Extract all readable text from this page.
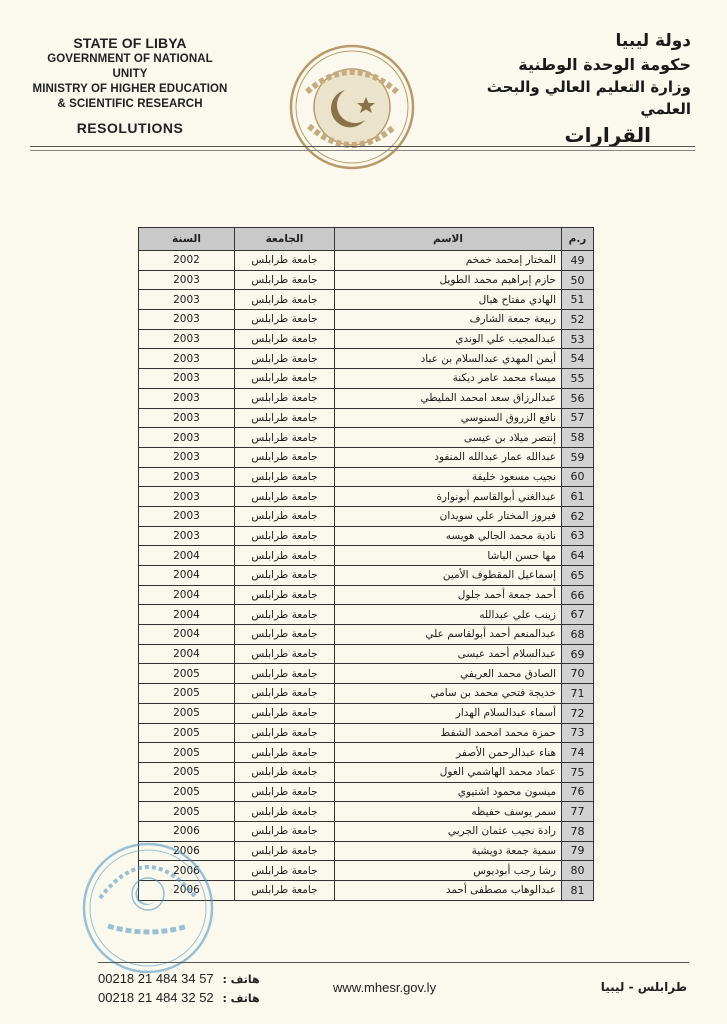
STATE OF LIBYA
GOVERNMENT OF NATIONAL UNITY
MINISTRY OF HIGHER EDUCATION
& SCIENTIFIC RESEARCH
RESOLUTIONS
دولة ليبيا
حكومة الوحدة الوطنية
وزارة التعليم العالي والبحث العلمي
القرارات
السنة	الجامعة	الاسم	ر.م
2002	جامعة طرابلس	المختار إمحمد خمخم	49
2003	جامعة طرابلس	حازم إبراهيم محمد الطويل	50
2003	جامعة طرابلس	الهادي مفتاح هبال	51
2003	جامعة طرابلس	ربيعة جمعة الشارف	52
2003	جامعة طرابلس	عبدالمجيب علي الوندي	53
2003	جامعة طرابلس	أيمن المهدي عبدالسلام بن عباد	54
2003	جامعة طرابلس	ميساء محمد عامر ديكنة	55
2003	جامعة طرابلس	عبدالرزاق سعد امحمد المليطي	56
2003	جامعة طرابلس	نافع الزروق السنوسي	57
2003	جامعة طرابلس	إنتصر ميلاد بن عيسى	58
2003	جامعة طرابلس	عبدالله عمار عبدالله المنفود	59
2003	جامعة طرابلس	نجيب مسعود خليفة	60
2003	جامعة طرابلس	عبدالغني أبوالقاسم أبونوارة	61
2003	جامعة طرابلس	فيروز المختار علي سويدان	62
2003	جامعة طرابلس	نادية محمد الجالي هويسه	63
2004	جامعة طرابلس	مها حسن الباشا	64
2004	جامعة طرابلس	إسماعيل المقطوف الأمين	65
2004	جامعة طرابلس	أحمد جمعة أحمد جلول	66
2004	جامعة طرابلس	زينب علي عبدالله	67
2004	جامعة طرابلس	عبدالمنعم أحمد أبولقاسم علي	68
2004	جامعة طرابلس	عبدالسلام أحمد عيسى	69
2005	جامعة طرابلس	الصادق محمد العريفي	70
2005	جامعة طرابلس	خديجة فتحي محمد بن سامي	71
2005	جامعة طرابلس	أسماء عبدالسلام الهدار	72
2005	جامعة طرابلس	حمزة محمد امحمد الشفط	73
2005	جامعة طرابلس	هناء عبدالرحمن الأصفر	74
2005	جامعة طرابلس	عماد محمد الهاشمي الغول	75
2005	جامعة طرابلس	ميسون محمود اشتيوي	76
2005	جامعة طرابلس	سمر يوسف حفيظه	77
2006	جامعة طرابلس	رادة نجيب عثمان الجربي	78
2006	جامعة طرابلس	سمية جمعة دويشية	79
2006	جامعة طرابلس	رشا رجب أبوديوس	80
2006	جامعة طرابلس	عبدالوهاب مصطفى أحمد	81
00218 21 484 34 57 هاتف :
00218 21 484 32 52 هاتف :
www.mhesr.gov.ly	طرابلس - ليبيا
